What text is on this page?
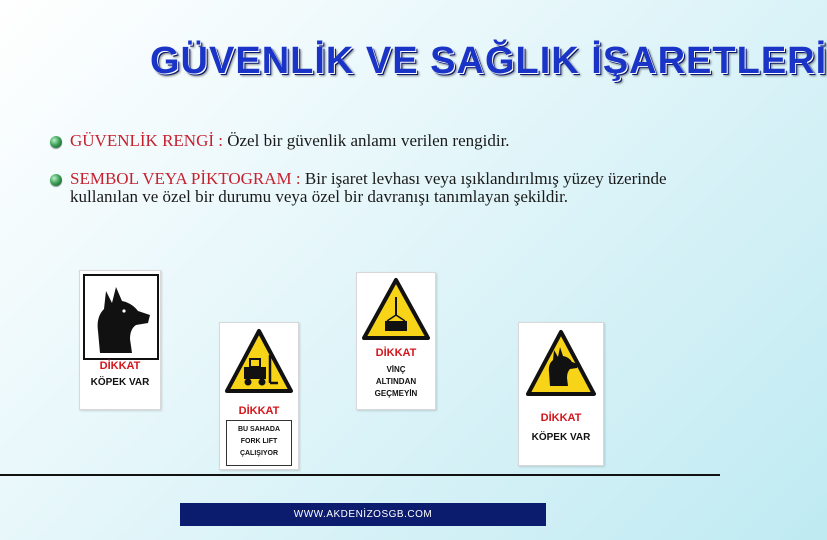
GÜVENLİK VE SAĞLIK İŞARETLERİ
GÜVENLİK RENGİ : Özel bir güvenlik anlamı verilen rengidir.
SEMBOL VEYA PİKTOGRAM : Bir işaret levhası veya ışıklandırılmış yüzey üzerinde kullanılan ve özel bir durumu veya özel bir davranışı tanımlayan şekildir.
DİKKAT
KÖPEK VAR
DİKKAT
BU SAHADA
FORK LIFT
ÇALIŞIYOR
DİKKAT
VİNÇ
ALTINDAN
GEÇMEYİN
DİKKAT
KÖPEK VAR
WWW.AKDENİZOSGB.COM
